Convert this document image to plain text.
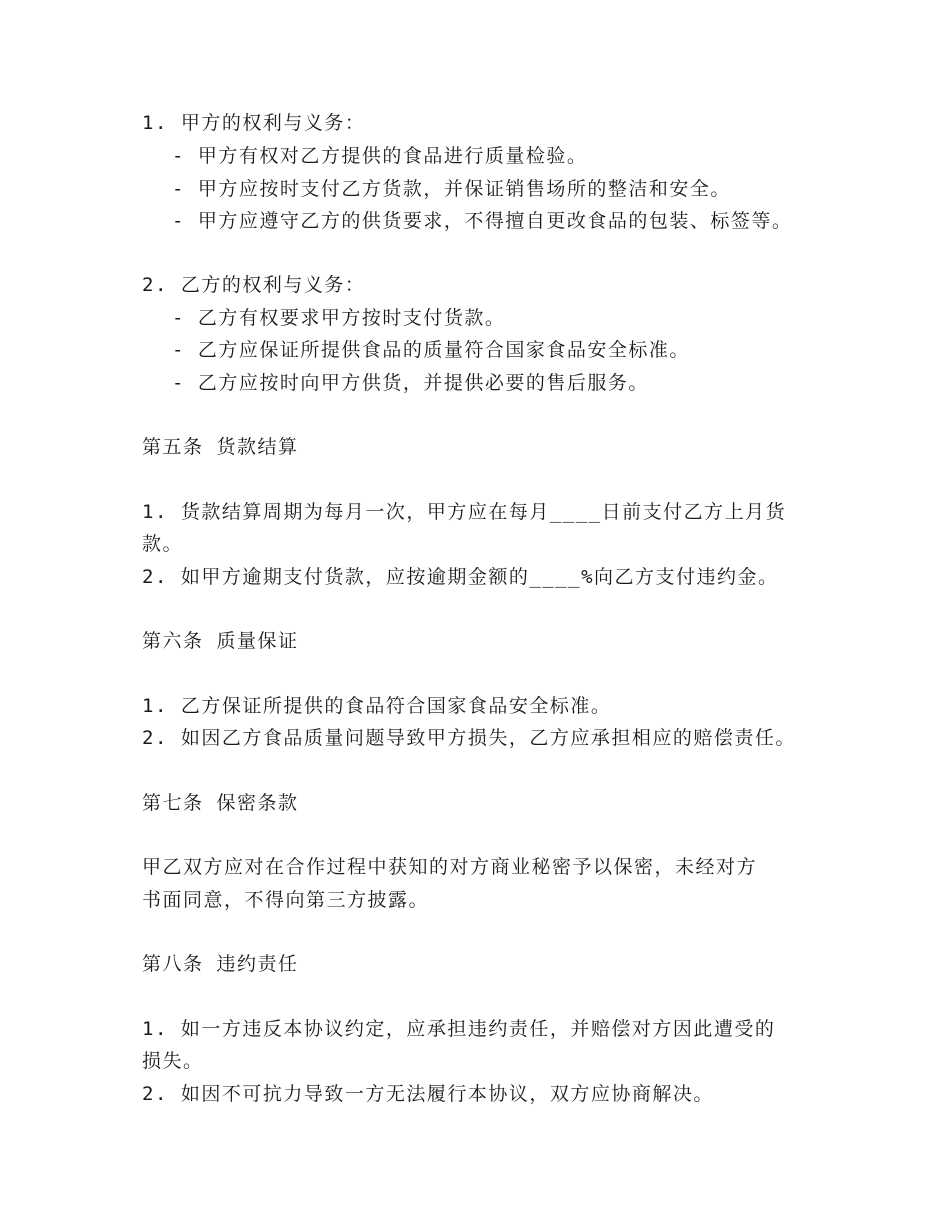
1. 甲方的权利与义务：
- 甲方有权对乙方提供的食品进行质量检验。
- 甲方应按时支付乙方货款，并保证销售场所的整洁和安全。
- 甲方应遵守乙方的供货要求，不得擅自更改食品的包装、标签等。
2. 乙方的权利与义务：
- 乙方有权要求甲方按时支付货款。
- 乙方应保证所提供食品的质量符合国家食品安全标准。
- 乙方应按时向甲方供货，并提供必要的售后服务。
第五条 货款结算
1. 货款结算周期为每月一次，甲方应在每月____日前支付乙方上月货
款。
2. 如甲方逾期支付货款，应按逾期金额的____%向乙方支付违约金。
第六条 质量保证
1. 乙方保证所提供的食品符合国家食品安全标准。
2. 如因乙方食品质量问题导致甲方损失，乙方应承担相应的赔偿责任。
第七条 保密条款
甲乙双方应对在合作过程中获知的对方商业秘密予以保密，未经对方
书面同意，不得向第三方披露。
第八条 违约责任
1. 如一方违反本协议约定，应承担违约责任，并赔偿对方因此遭受的
损失。
2. 如因不可抗力导致一方无法履行本协议，双方应协商解决。
